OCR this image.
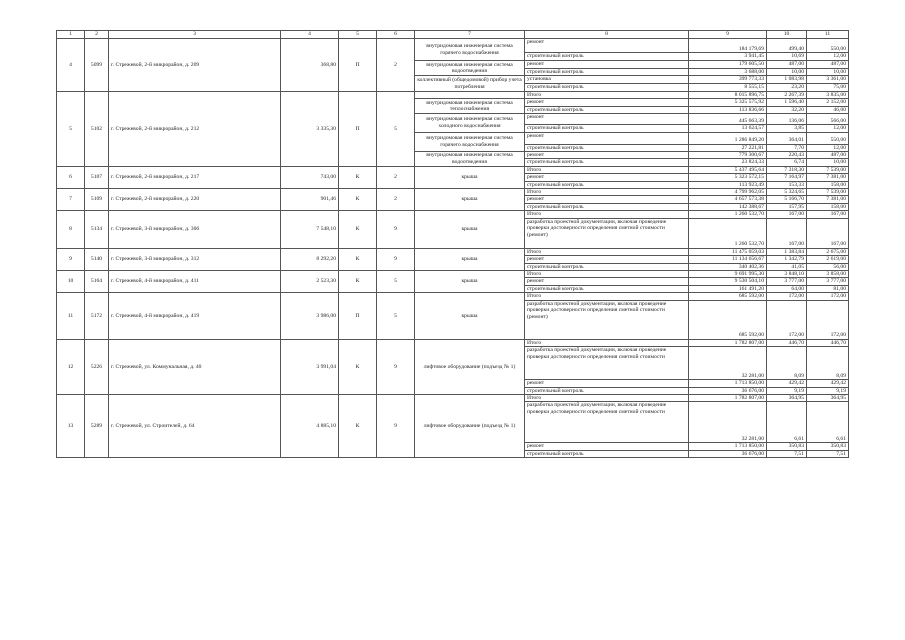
1	2	3	4	5	6	7	8	9	10	11
4	5099	г. Стрежевой, 2-й микрорайон, д. 209	368,80	П	2	внутридомовая инженерная система горячего водоснабжения	ремонт	184 179,69	499,40	550,00
							строительный контроль	3 941,45	10,69	12,00
						внутридомовая инженерная система водоотведения	ремонт	179 605,50	487,00	487,00
							строительный контроль	3 688,00	10,00	10,00
						коллективный (общедомовой) прибор учета потребления	установка	399 773,33	1 083,98	3 361,00
							строительный контроль	8 555,15	23,20	75,00
5	5102	г. Стрежевой, 2-й микрорайон, д. 212	3 335,30	П	5		Итого	8 015 896,75	2 267,39	3 835,00
						внутридомовая инженерная система теплоснабжения	ремонт	5 325 575,92	1 596,40	2 152,00
							строительный контроль	113 836,66	32,20	46,00
						внутридомовая инженерная система холодного водоснабжения	ремонт	445 663,39	136,06	566,00
							строительный контроль	13 624,57	3,85	12,00
						внутридомовая инженерная система горячего водоснабжения	ремонт	1 286 849,20	364,01	550,00
							строительный контроль	27 221,81	7,70	12,00
						внутридомовая инженерная система водоотведения	ремонт	779 300,67	220,43	487,00
							строительный контроль	23 824,33	6,74	10,00
6	5107	г. Стрежевой, 2-й микрорайон, д. 217	743,00	К	2	крыша	Итого	5 437 495,64	7 318,30	7 539,00
							ремонт	5 323 572,15	7 164,97	7 381,00
							строительный контроль	113 923,49	153,33	158,00
7	5109	г. Стрежевой, 2-й микрорайон, д. 220	901,46	К	2	крыша	Итого	4 799 962,05	5 324,65	7 539,00
							ремонт	4 657 573,38	5 166,70	7 381,00
							строительный контроль	142 388,67	157,95	158,00
8	5134	г. Стрежевой, 3-й микрорайон, д. 306	7 548,10	К	9	крыша	Итого	1 260 532,70	167,00	167,00
							разработка проектной документации, включая проведение проверки достоверности определения сметной стоимости (ремонт)	1 260 532,70	167,00	167,00
9	5140	г. Стрежевой, 3-й микрорайон, д. 312	8 292,20	К	9	крыша	Итого	11 475 059,03	1 383,84	2 675,00
							ремонт	11 134 656,67	1 342,79	2 619,00
							строительный контроль	340 402,36	41,05	56,00
10	5164	г. Стрежевой, 4-й микрорайон, д. 411	2 523,30	К	5	крыша	Итого	9 691 995,30	3 848,10	3 858,00
							ремонт	9 530 504,10	3 777,00	3 777,00
							строительный контроль	161 491,20	64,00	81,00
11	5172	г. Стрежевой, 4-й микрорайон, д. 419	3 986,00	П	5	крыша	Итого	685 592,00	172,00	172,00
							разработка проектной документации, включая проведение проверки достоверности определения сметной стоимости (ремонт)	685 592,00	172,00	172,00
12	5226	г. Стрежевой, ул. Коммунальная, д. 40	3 991,04	К	9	лифтовое оборудование (подъезд № 1)	Итого	1 782 807,00	446,70	446,70
							разработка проектной документации, включая проведение проверки достоверности определения сметной стоимости	32 281,00	8,09	8,09
							ремонт	1 713 850,00	429,42	429,42
							строительный контроль	36 676,00	9,19	9,19
13	5289	г. Стрежевой, ул. Строителей, д. 64	4 885,10	К	9	лифтовое оборудование (подъезд № 1)	Итого	1 782 807,00	364,95	364,95
							разработка проектной документации, включая проведение проверки достоверности определения сметной стоимости	32 281,00	6,61	6,61
							ремонт	1 713 850,00	350,83	350,83
							строительный контроль	36 676,00	7,51	7,51
